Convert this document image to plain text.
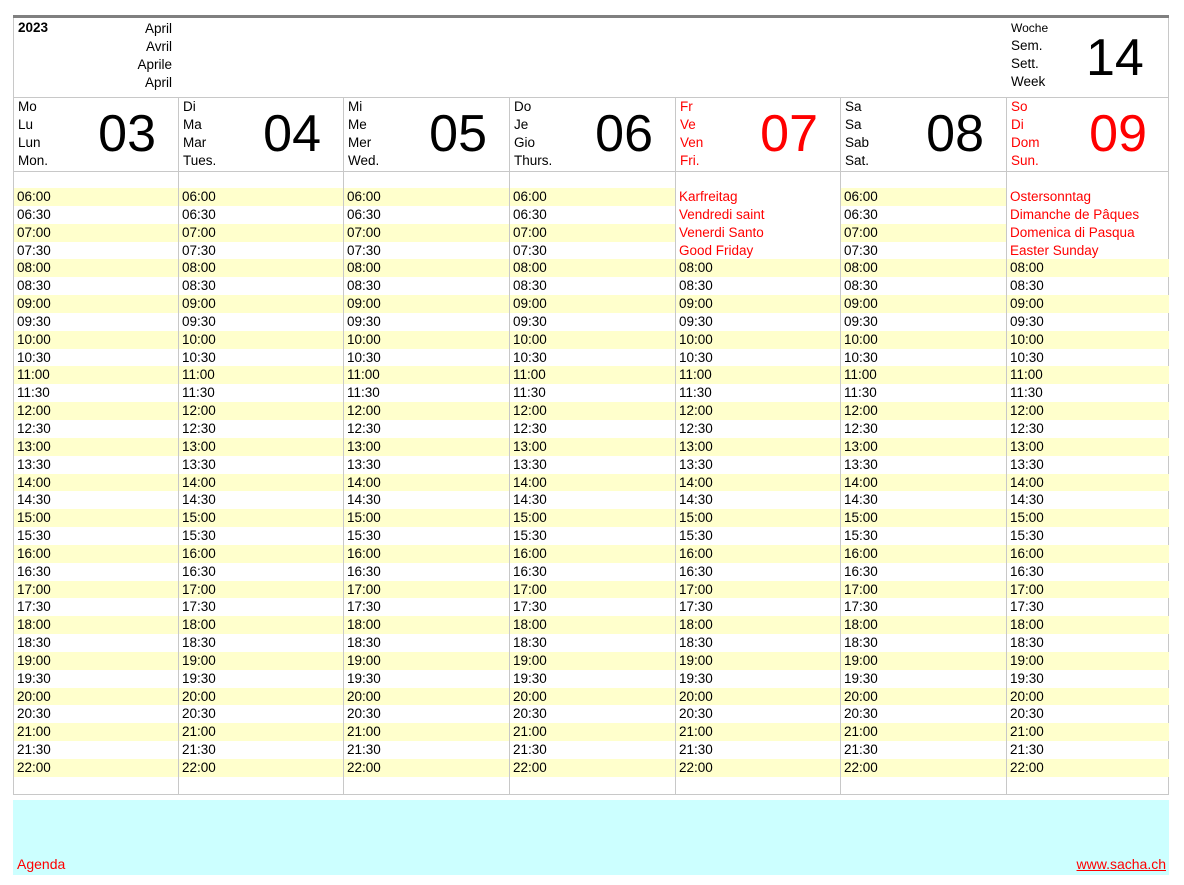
2023	April
Avril
Aprile
April
Woche
Sem.
Sett.
Week 14
Mo
Lu
Lun
Mon. 03
06:00
06:30
07:00
07:30
08:00
08:30
09:00
09:30
10:00
10:30
11:00
11:30
12:00
12:30
13:00
13:30
14:00
14:30
15:00
15:30
16:00
16:30
17:00
17:30
18:00
18:30
19:00
19:30
20:00
20:30
21:00
21:30
22:00
Di
Ma
Mar
Tues. 04
06:00
06:30
07:00
07:30
08:00
08:30
09:00
09:30
10:00
10:30
11:00
11:30
12:00
12:30
13:00
13:30
14:00
14:30
15:00
15:30
16:00
16:30
17:00
17:30
18:00
18:30
19:00
19:30
20:00
20:30
21:00
21:30
22:00
Mi
Me
Mer
Wed. 05
06:00
06:30
07:00
07:30
08:00
08:30
09:00
09:30
10:00
10:30
11:00
11:30
12:00
12:30
13:00
13:30
14:00
14:30
15:00
15:30
16:00
16:30
17:00
17:30
18:00
18:30
19:00
19:30
20:00
20:30
21:00
21:30
22:00
Do
Je
Gio
Thurs. 06
06:00
06:30
07:00
07:30
08:00
08:30
09:00
09:30
10:00
10:30
11:00
11:30
12:00
12:30
13:00
13:30
14:00
14:30
15:00
15:30
16:00
16:30
17:00
17:30
18:00
18:30
19:00
19:30
20:00
20:30
21:00
21:30
22:00
Fr
Ve
Ven
Fri. 07
Karfreitag
Vendredi saint
Venerdi Santo
Good Friday
08:00
08:30
09:00
09:30
10:00
10:30
11:00
11:30
12:00
12:30
13:00
13:30
14:00
14:30
15:00
15:30
16:00
16:30
17:00
17:30
18:00
18:30
19:00
19:30
20:00
20:30
21:00
21:30
22:00
Sa
Sa
Sab
Sat. 08
06:00
06:30
07:00
07:30
08:00
08:30
09:00
09:30
10:00
10:30
11:00
11:30
12:00
12:30
13:00
13:30
14:00
14:30
15:00
15:30
16:00
16:30
17:00
17:30
18:00
18:30
19:00
19:30
20:00
20:30
21:00
21:30
22:00
So
Di
Dom
Sun. 09
Ostersonntag
Dimanche de Pâques
Domenica di Pasqua
Easter Sunday
08:00
08:30
09:00
09:30
10:00
10:30
11:00
11:30
12:00
12:30
13:00
13:30
14:00
14:30
15:00
15:30
16:00
16:30
17:00
17:30
18:00
18:30
19:00
19:30
20:00
20:30
21:00
21:30
22:00
Agenda	www.sacha.ch
